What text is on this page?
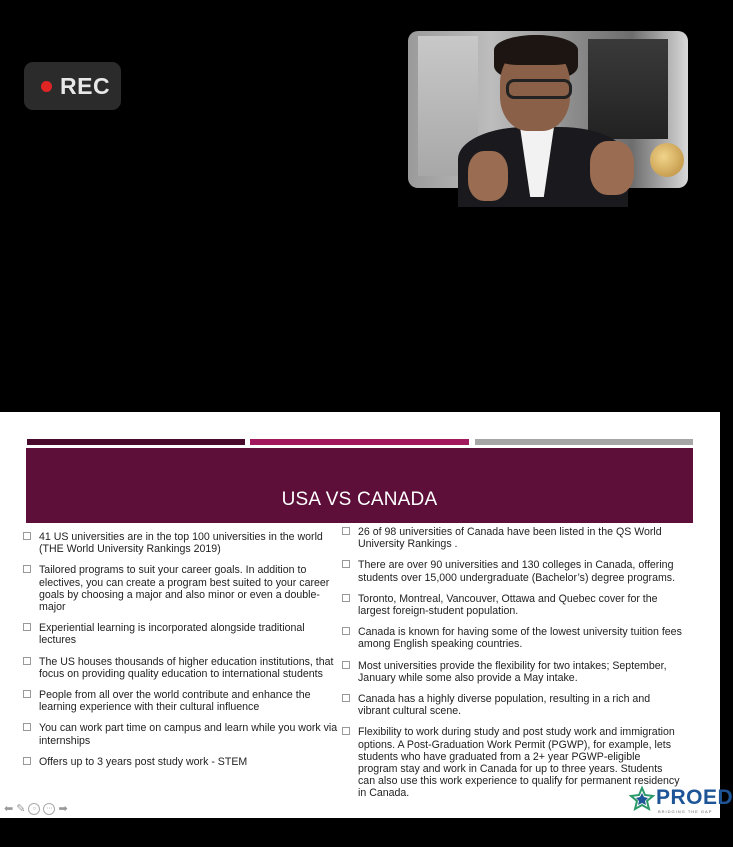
REC
USA VS CANADA
41 US universities are in the top 100 universities in the world (THE World University Rankings 2019)
Tailored programs to suit your career goals. In addition to electives, you can create a program best suited to your career goals by choosing a major and also minor or even a double-major
Experiential learning is incorporated alongside traditional lectures
The US houses thousands of higher education institutions, that focus on providing quality education to international students
People from all over the world contribute and enhance the learning experience with their cultural influence
You can work part time on campus and learn while you work via internships
Offers up to 3 years post study work - STEM
26 of 98 universities of Canada have been listed in the QS World University Rankings .
There are over 90 universities and 130 colleges in Canada, offering students over 15,000 undergraduate (Bachelor’s) degree programs.
Toronto, Montreal, Vancouver, Ottawa and Quebec cover for the largest foreign-student population.
Canada is known for having some of the lowest university tuition fees among English speaking countries.
Most universities provide the flexibility for two intakes; September, January while some also provide a May intake.
Canada has a highly diverse population, resulting in a rich and vibrant cultural scene.
Flexibility to work during study and post study work and immigration options. A Post-Graduation Work Permit (PGWP), for example, lets students who have graduated from a 2+ year PGWP-eligible program stay and work in Canada for up to three years. Students can also use this work experience to qualify for permanent residency in Canada.	PROED
BRIDGING THE GAP
⬅ ✎	○	⋯ ➡
